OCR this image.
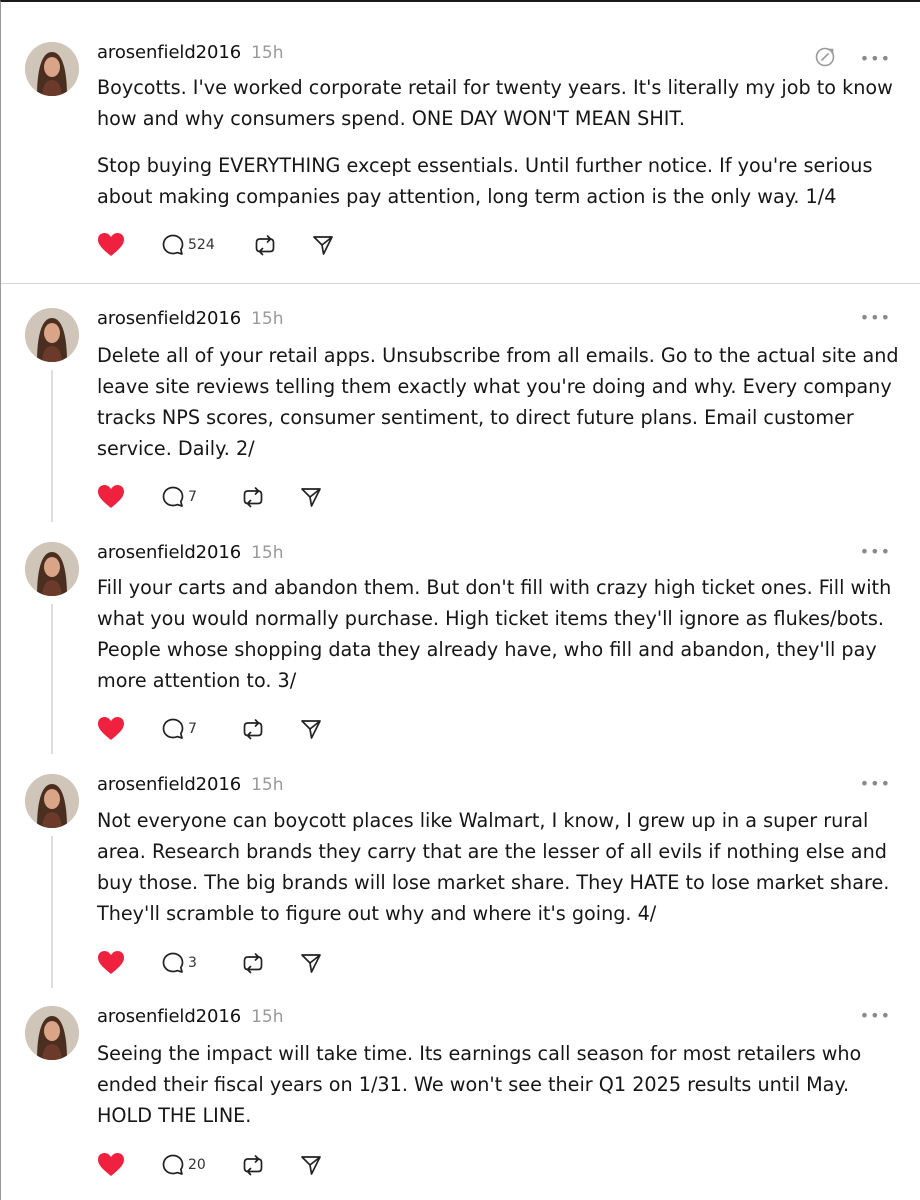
arosenfield2016 15h	•••

Boycotts. I've worked corporate retail for twenty years. It's literally my job to know how and why consumers spend. ONE DAY WON'T MEAN SHIT.

Stop buying EVERYTHING except essentials. Until further notice. If you're serious about making companies pay attention, long term action is the only way. 1/4

524
arosenfield2016 15h	•••

Delete all of your retail apps. Unsubscribe from all emails. Go to the actual site and leave site reviews telling them exactly what you're doing and why. Every company tracks NPS scores, consumer sentiment, to direct future plans. Email customer service. Daily. 2/

7
arosenfield2016 15h	•••

Fill your carts and abandon them. But don't fill with crazy high ticket ones. Fill with what you would normally purchase. High ticket items they'll ignore as flukes/bots. People whose shopping data they already have, who fill and abandon, they'll pay more attention to. 3/

7
arosenfield2016 15h	•••

Not everyone can boycott places like Walmart, I know, I grew up in a super rural area. Research brands they carry that are the lesser of all evils if nothing else and buy those. The big brands will lose market share. They HATE to lose market share. They'll scramble to figure out why and where it's going. 4/

3
arosenfield2016 15h	•••

Seeing the impact will take time. Its earnings call season for most retailers who ended their fiscal years on 1/31. We won't see their Q1 2025 results until May. HOLD THE LINE.

20
